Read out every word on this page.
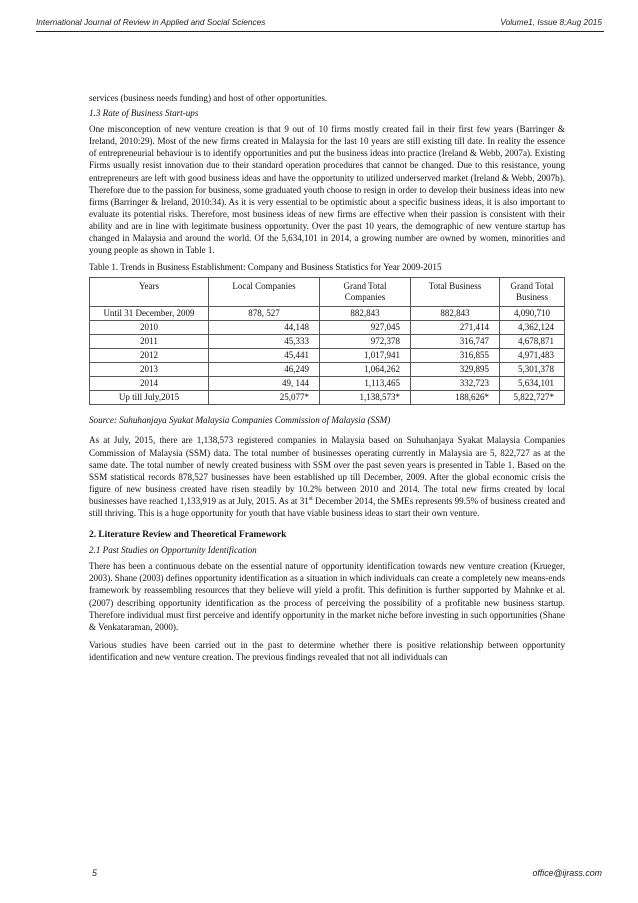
International Journal of Review in Applied and Social Sciences	Volume1, Issue 8;Aug 2015

services (business needs funding) and host of other opportunities.

1.3 Rate of Business Start-ups

One misconception of new venture creation is that 9 out of 10 firms mostly created fail in their first few years (Barringer & Ireland, 2010:29). Most of the new firms created in Malaysia for the last 10 years are still existing till date. In reality the essence of entrepreneurial behaviour is to identify opportunities and put the business ideas into practice (Ireland & Webb, 2007a). Existing Firms usually resist innovation due to their standard operation procedures that cannot be changed. Due to this resistance, young entrepreneurs are left with good business ideas and have the opportunity to utilized underserved market (Ireland & Webb, 2007b). Therefore due to the passion for business, some graduated youth choose to resign in order to develop their business ideas into new firms (Barringer & Ireland, 2010:34). As it is very essential to be optimistic about a specific business ideas, it is also important to evaluate its potential risks. Therefore, most business ideas of new firms are effective when their passion is consistent with their ability and are in line with legitimate business opportunity. Over the past 10 years, the demographic of new venture startup has changed in Malaysia and around the world. Of the 5,634,101 in 2014, a growing number are owned by women, minorities and young people as shown in Table 1.

Table 1. Trends in Business Establishment: Company and Business Statistics for Year 2009-2015

Years	Local Companies	Grand Total Companies	Total Business	Grand Total Business
Until 31 December, 2009	878, 527	882,843	882,843	4,090,710
2010	44,148	927,045	271,414	4,362,124
2011	45,333	972,378	316,747	4,678,871
2012	45,441	1,017,941	316,855	4,971,483
2013	46,249	1,064,262	329,895	5,301,378
2014	49, 144	1,113,465	332,723	5,634,101
Up till July,2015	25,077*	1,138,573*	188,626*	5,822,727*

Source: Suhuhanjaya Syakat Malaysia Companies Commission of Malaysia (SSM)

As at July, 2015, there are 1,138,573 registered companies in Malaysia based on Suhuhanjaya Syakat Malaysia Companies Commission of Malaysia (SSM) data. The total number of businesses operating currently in Malaysia are 5, 822,727 as at the same date. The total number of newly created business with SSM over the past seven years is presented in Table 1. Based on the SSM statistical records 878,527 businesses have been established up till December, 2009. After the global economic crisis the figure of new business created have risen steadily by 10.2% between 2010 and 2014. The total new firms created by local businesses have reached 1,133,919 as at July, 2015. As at 31st December 2014, the SMEs represents 99.5% of business created and still thriving. This is a huge opportunity for youth that have viable business ideas to start their own venture.

2. Literature Review and Theoretical Framework

2.1 Past Studies on Opportunity Identification

There has been a continuous debate on the essential nature of opportunity identification towards new venture creation (Krueger, 2003). Shane (2003) defines opportunity identification as a situation in which individuals can create a completely new means-ends framework by reassembling resources that they believe will yield a profit. This definition is further supported by Mahnke et al. (2007) describing opportunity identification as the process of perceiving the possibility of a profitable new business startup. Therefore individual must first perceive and identify opportunity in the market niche before investing in such opportunities (Shane & Venkataraman, 2000).

Various studies have been carried out in the past to determine whether there is positive relationship between opportunity identification and new venture creation. The previous findings revealed that not all individuals can

5	office@ijrass.com
